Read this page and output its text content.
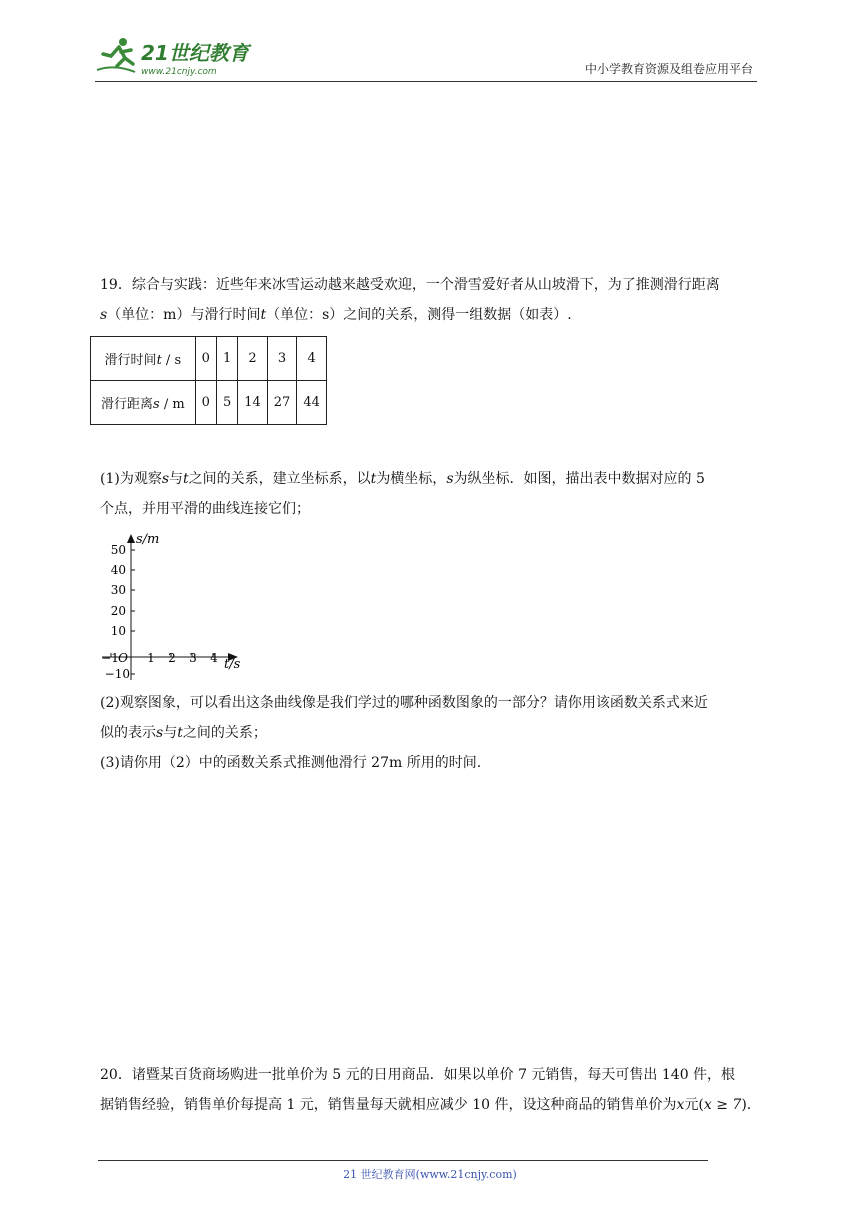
21世纪教育
www.21cnjy.com	中小学教育资源及组卷应用平台

19．综合与实践：近些年来冰雪运动越来越受欢迎，一个滑雪爱好者从山坡滑下，为了推测滑行距离

s（单位：m）与滑行时间t（单位：s）之间的关系，测得一组数据（如表）.

滑行时间t / s	0	1	2	3	4
滑行距离s / m	0	5	14	27	44

(1)为观察s与t之间的关系，建立坐标系，以t为横坐标，s为纵坐标．如图，描出表中数据对应的 5

个点，并用平滑的曲线连接它们；

50
40
30
20
10
−10
−1 O 1 2 3 4
s/m
t/s

(2)观察图象，可以看出这条曲线像是我们学过的哪种函数图象的一部分？请你用该函数关系式来近

似的表示s与t之间的关系；

(3)请你用（2）中的函数关系式推测他滑行 27m 所用的时间.

20．诸暨某百货商场购进一批单价为 5 元的日用商品．如果以单价 7 元销售，每天可售出 140 件，根

据销售经验，销售单价每提高 1 元，销售量每天就相应减少 10 件，设这种商品的销售单价为x元(x ≥ 7).

21 世纪教育网(www.21cnjy.com)
